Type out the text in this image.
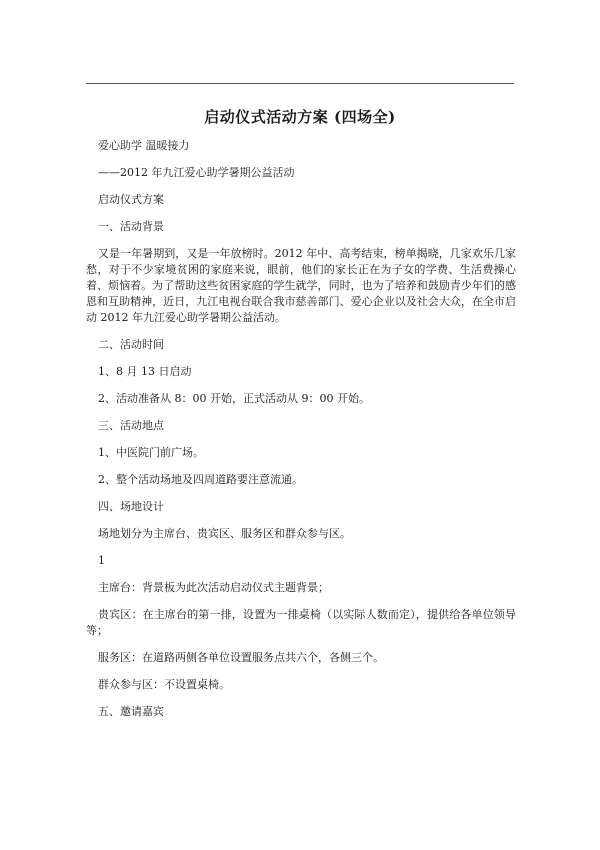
启动仪式活动方案 (四场全)

爱心助学 温暖接力

——2012 年九江爱心助学暑期公益活动

启动仪式方案

一、活动背景

又是一年暑期到，又是一年放榜时。2012 年中、高考结束，榜单揭晓，几家欢乐几家愁，对于不少家境贫困的家庭来说，眼前，他们的家长正在为子女的学费、生活费操心着、烦恼着。为了帮助这些贫困家庭的学生就学，同时，也为了培养和鼓励青少年们的感恩和互助精神，近日，九江电视台联合我市慈善部门、爱心企业以及社会大众，在全市启动 2012 年九江爱心助学暑期公益活动。

二、活动时间

1、8 月 13 日启动

2、活动准备从 8：00 开始，正式活动从 9：00 开始。

三、活动地点

1、中医院门前广场。

2、整个活动场地及四周道路要注意流通。

四、场地设计

场地划分为主席台、贵宾区、服务区和群众参与区。

1

主席台：背景板为此次活动启动仪式主题背景；

贵宾区：在主席台的第一排，设置为一排桌椅（以实际人数而定），提供给各单位领导等；

服务区：在道路两侧各单位设置服务点共六个，各侧三个。

群众参与区：不设置桌椅。

五、邀请嘉宾
